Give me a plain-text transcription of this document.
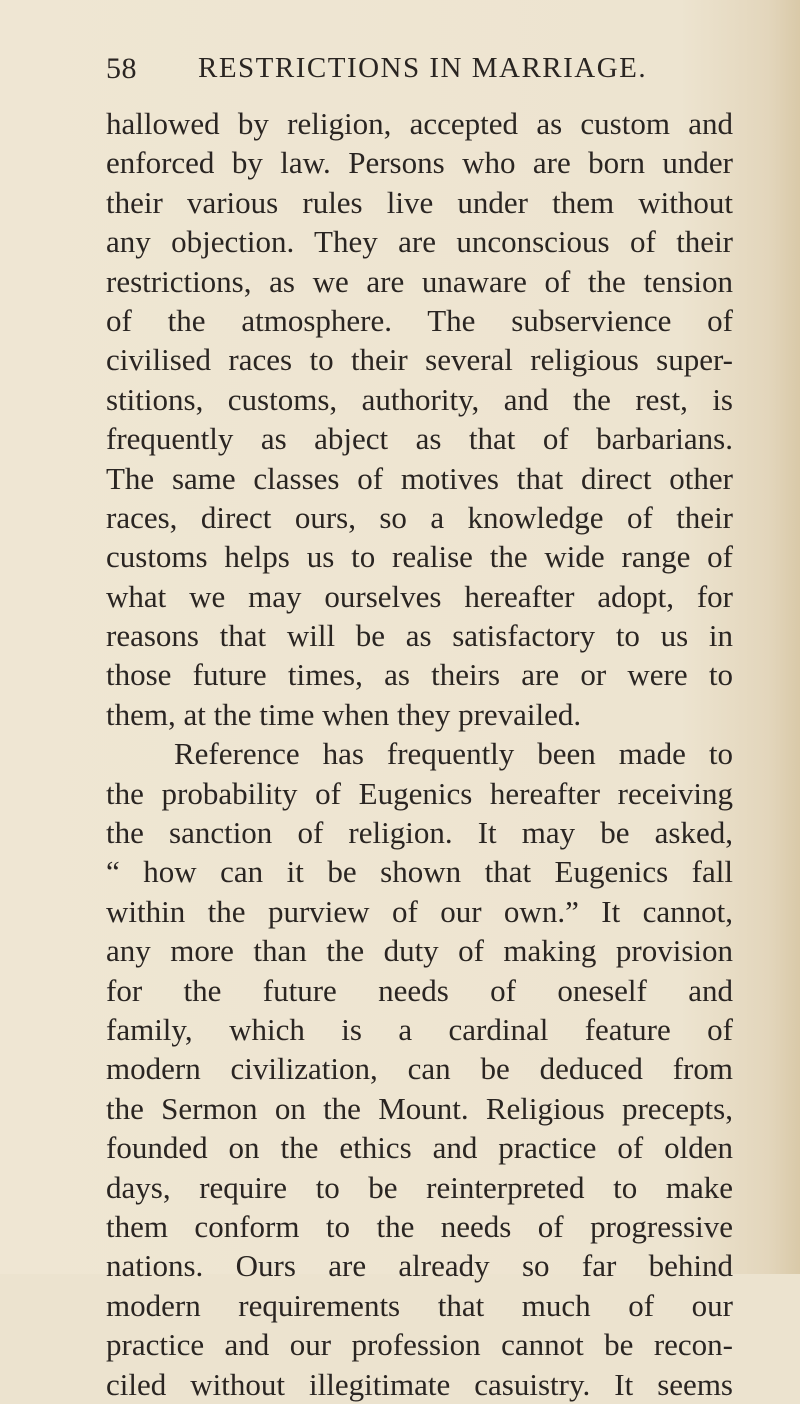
58 RESTRICTIONS IN MARRIAGE.
hallowed by religion, accepted as custom and
enforced by law. Persons who are born under
their various rules live under them without
any objection. They are unconscious of their
restrictions, as we are unaware of the tension
of the atmosphere. The subservience of
civilised races to their several religious super-
stitions, customs, authority, and the rest, is
frequently as abject as that of barbarians.
The same classes of motives that direct other
races, direct ours, so a knowledge of their
customs helps us to realise the wide range of
what we may ourselves hereafter adopt, for
reasons that will be as satisfactory to us in
those future times, as theirs are or were to
them, at the time when they prevailed.
Reference has frequently been made to
the probability of Eugenics hereafter receiving
the sanction of religion. It may be asked,
“ how can it be shown that Eugenics fall
within the purview of our own.” It cannot,
any more than the duty of making provision
for the future needs of oneself and
family, which is a cardinal feature of
modern civilization, can be deduced from
the Sermon on the Mount. Religious precepts,
founded on the ethics and practice of olden
days, require to be reinterpreted to make
them conform to the needs of progressive
nations. Ours are already so far behind
modern requirements that much of our
practice and our profession cannot be recon-
ciled without illegitimate casuistry. It seems
